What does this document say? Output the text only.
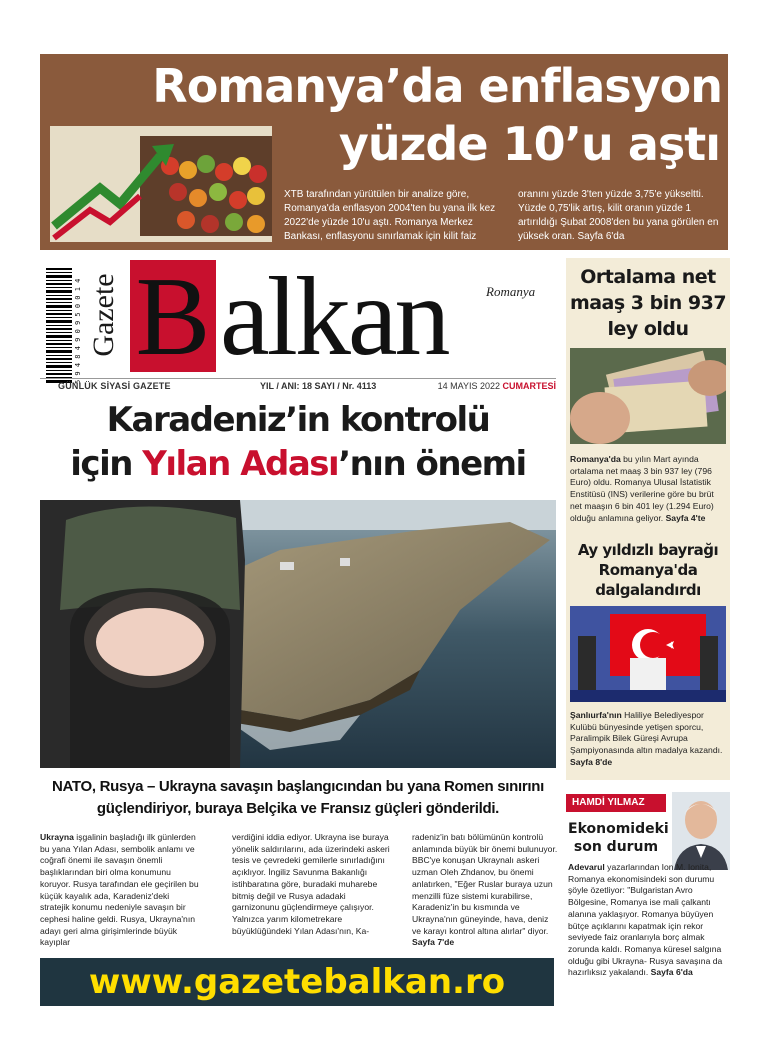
Romanya’da enflasyon
yüzde 10’u aştı
XTB tarafından yürütülen bir analize göre, Romanya'da enflasyon 2004'ten bu yana ilk kez 2022'de yüzde 10'u aştı. Romanya Merkez Bankası, enflasyonu sınırlamak için kilit faiz
oranını yüzde 3'ten yüzde 3,75'e yükseltti. Yüzde 0,75'lik artış, kilit oranın yüzde 1 artırıldığı Şubat 2008'den bu yana görülen en yüksek oran. Sayfa 6'da
5 9 4 8 4 9 0 9 5 0 0 1 4 Gazete B alkan	Romanya
GÜNLÜK SİYASİ GAZETE	YIL / ANI: 18 SAYI / Nr. 4113	14 MAYIS 2022 CUMARTESİ
Karadeniz’in kontrolü
için Yılan Adası’nın önemi
NATO, Rusya – Ukrayna savaşın başlangıcından bu yana Romen sınırını güçlendiriyor, buraya Belçika ve Fransız güçleri gönderildi.
Ukrayna işgalinin başladığı ilk günlerden bu yana Yılan Adası, sembolik anlamı ve coğrafi önemi ile savaşın önemli başlıklarından biri olma konumunu koruyor. Rusya tarafından ele geçirilen bu küçük kayalık ada, Karadeniz'deki stratejik konumu nedeniyle savaşın bir cephesi haline geldi. Rusya, Ukrayna'nın adayı geri alma girişimlerinde büyük kayıplar
verdiğini iddia ediyor. Ukrayna ise buraya yönelik saldırılarını, ada üzerindeki askeri tesis ve çevredeki gemilerle sınırladığını açıklıyor. İngiliz Savunma Bakanlığı istihbaratına göre, buradaki muharebe bitmiş değil ve Rusya adadaki garnizonunu güçlendirmeye çalışıyor. Yalnızca yarım kilometrekare büyüklüğündeki Yılan Adası'nın, Ka-
radeniz'in batı bölümünün kontrolü anlamında büyük bir önemi bulunuyor. BBC'ye konuşan Ukraynalı askeri uzman Oleh Zhdanov, bu önemi anlatırken, "Eğer Ruslar buraya uzun menzilli füze sistemi kurabilirse, Karadeniz'in bu kısmında ve Ukrayna'nın güneyinde, hava, deniz ve karayı kontrol altına alırlar" diyor. Sayfa 7'de
www.gazetebalkan.ro
Ortalama net maaş 3 bin 937 ley oldu
Romanya'da bu yılın Mart ayında ortalama net maaş 3 bin 937 ley (796 Euro) oldu. Romanya Ulusal İstatistik Enstitüsü (INS) verilerine göre bu brüt net maaşın 6 bin 401 ley (1.294 Euro) olduğu anlamına geliyor. Sayfa 4'te
Ay yıldızlı bayrağı Romanya'da dalgalandırdı
Şanlıurfa'nın Haliliye Belediyespor Kulübü bünyesinde yetişen sporcu, Paralimpik Bilek Güreşi Avrupa Şampiyonasında altın madalya kazandı. Sayfa 8'de
HAMDİ YILMAZ
Ekonomideki son durum
Adevarul yazarlarından Ion M. Ionita, Romanya ekonomisindeki son durumu şöyle özetliyor: "Bulgaristan Avro Bölgesine, Romanya ise mali çalkantı alanına yaklaşıyor. Romanya büyüyen bütçe açıklarını kapatmak için rekor seviyede faiz oranlarıyla borç almak zorunda kaldı. Romanya küresel salgına olduğu gibi Ukrayna- Rusya savaşına da hazırlıksız yakalandı. Sayfa 6'da
